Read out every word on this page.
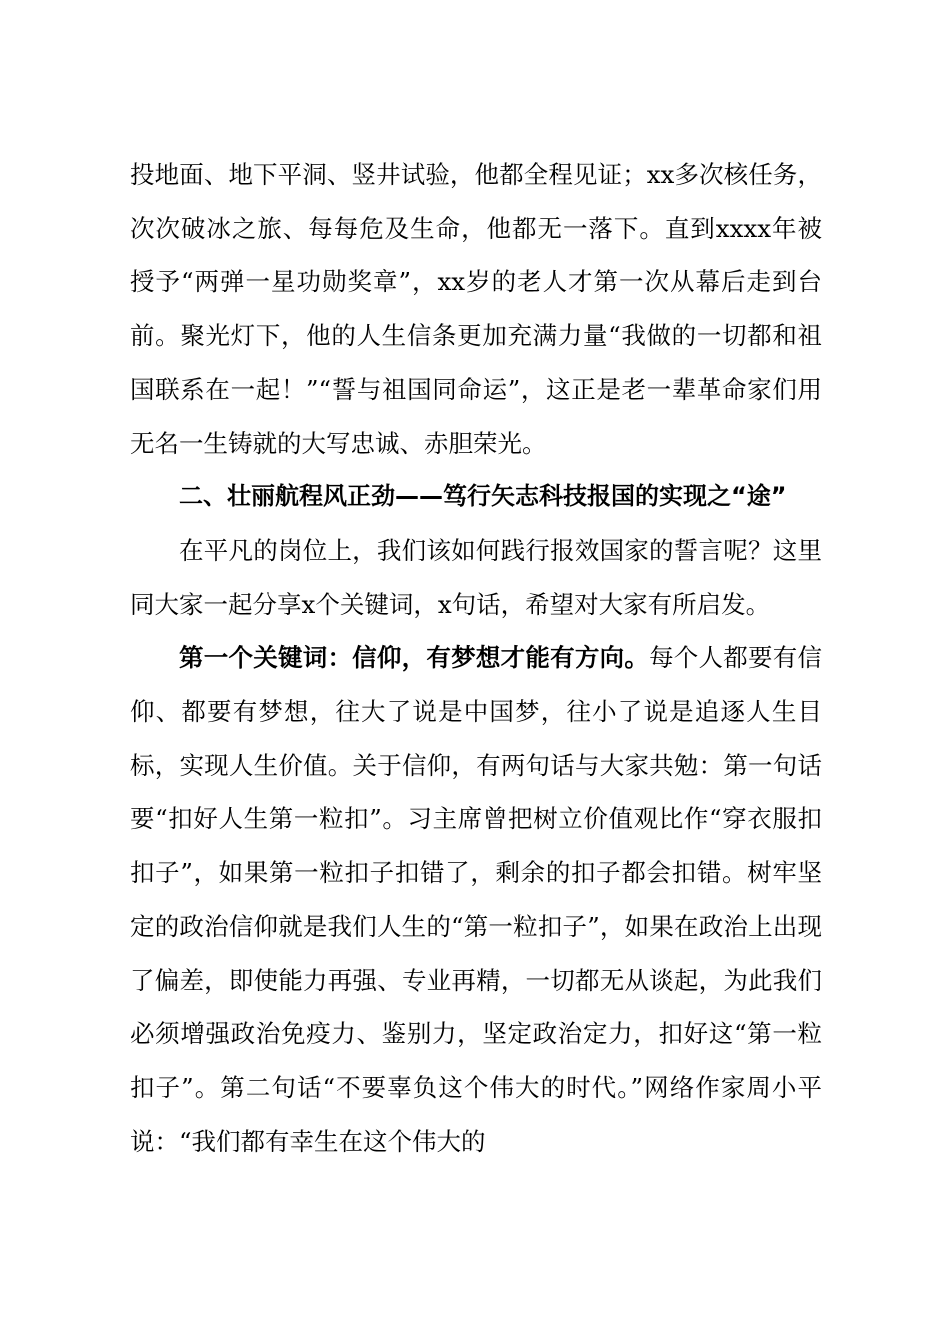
投地面、地下平洞、竖井试验，他都全程见证；xx多次核任务，次次破冰之旅、每每危及生命，他都无一落下。直到xxxx年被授予“两弹一星功勋奖章”，xx岁的老人才第一次从幕后走到台前。聚光灯下，他的人生信条更加充满力量“我做的一切都和祖国联系在一起！”“誓与祖国同命运”，这正是老一辈革命家们用无名一生铸就的大写忠诚、赤胆荣光。

二、壮丽航程风正劲——笃行矢志科技报国的实现之“途”

在平凡的岗位上，我们该如何践行报效国家的誓言呢？这里同大家一起分享x个关键词，x句话，希望对大家有所启发。

第一个关键词：信仰，有梦想才能有方向。每个人都要有信仰、都要有梦想，往大了说是中国梦，往小了说是追逐人生目标，实现人生价值。关于信仰，有两句话与大家共勉：第一句话要“扣好人生第一粒扣”。习主席曾把树立价值观比作“穿衣服扣扣子”，如果第一粒扣子扣错了，剩余的扣子都会扣错。树牢坚定的政治信仰就是我们人生的“第一粒扣子”，如果在政治上出现了偏差，即使能力再强、专业再精，一切都无从谈起，为此我们必须增强政治免疫力、鉴别力，坚定政治定力，扣好这“第一粒扣子”。第二句话“不要辜负这个伟大的时代。”网络作家周小平说：“我们都有幸生在这个伟大的
